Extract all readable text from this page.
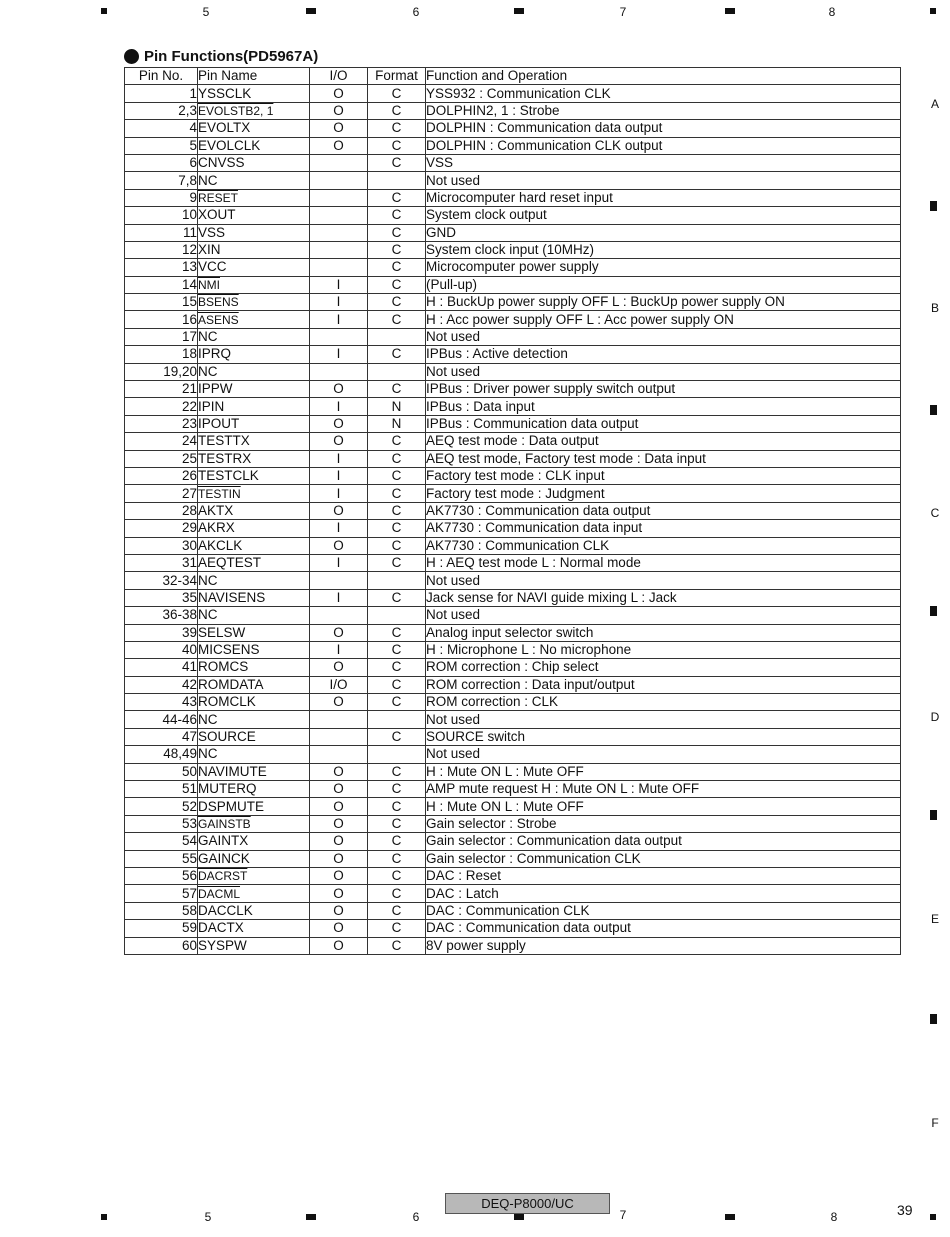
5	6	7	8
5	6	7	8
A
B
C
D
E
F
Pin Functions(PD5967A)
Pin No.	Pin Name	I/O	Format	Function and Operation
1	YSSCLK	O	C	YSS932 : Communication CLK
2,3	EVOLSTB2, 1	O	C	DOLPHIN2, 1 : Strobe
4	EVOLTX	O	C	DOLPHIN : Communication data output
5	EVOLCLK	O	C	DOLPHIN : Communication CLK output
6	CNVSS		C	VSS
7,8	NC			Not used
9	RESET		C	Microcomputer hard reset input
10	XOUT		C	System clock output
11	VSS		C	GND
12	XIN		C	System clock input (10MHz)
13	VCC		C	Microcomputer power supply
14	$\overline{NMI}$	I	C	(Pull-up)
15	BSENS	I	C	H : BuckUp power supply OFF L : BuckUp power supply ON
16	ASENS	I	C	H : Acc power supply OFF L : Acc power supply ON
17	NC			Not used
18	IPRQ	I	C	IPBus : Active detection
19,20	NC			Not used
21	IPPW	O	C	IPBus : Driver power supply switch output
22	IPIN	I	N	IPBus : Data input
23	IPOUT	O	N	IPBus : Communication data output
24	TESTTX	O	C	AEQ test mode : Data output
25	TESTRX	I	C	AEQ test mode, Factory test mode : Data input
26	TESTCLK	I	C	Factory test mode : CLK input
27	TESTIN	I	C	Factory test mode : Judgment
28	AKTX	O	C	AK7730 : Communication data output
29	AKRX	I	C	AK7730 : Communication data input
30	AKCLK	O	C	AK7730 : Communication CLK
31	AEQTEST	I	C	H : AEQ test mode L : Normal mode
32-34	NC			Not used
35	NAVISENS	I	C	Jack sense for NAVI guide mixing L : Jack
36-38	NC			Not used
39	SELSW	O	C	Analog input selector switch
40	MICSENS	I	C	H : Microphone L : No microphone
41	ROMCS	O	C	ROM correction : Chip select
42	ROMDATA	I/O	C	ROM correction : Data input/output
43	ROMCLK	O	C	ROM correction : CLK
44-46	NC			Not used
47	SOURCE		C	SOURCE switch
48,49	NC			Not used
50	NAVIMUTE	O	C	H : Mute ON L : Mute OFF
51	MUTERQ	O	C	AMP mute request H : Mute ON L : Mute OFF
52	DSPMUTE	O	C	H : Mute ON L : Mute OFF
53	GAINSTB	O	C	Gain selector : Strobe
54	GAINTX	O	C	Gain selector : Communication data output
55	GAINCK	O	C	Gain selector : Communication CLK
56	DACRST	O	C	DAC : Reset
57	DACML	O	C	DAC : Latch
58	DACCLK	O	C	DAC : Communication CLK
59	DACTX	O	C	DAC : Communication data output
60	SYSPW	O	C	8V power supply
DEQ-P8000/UC	39
